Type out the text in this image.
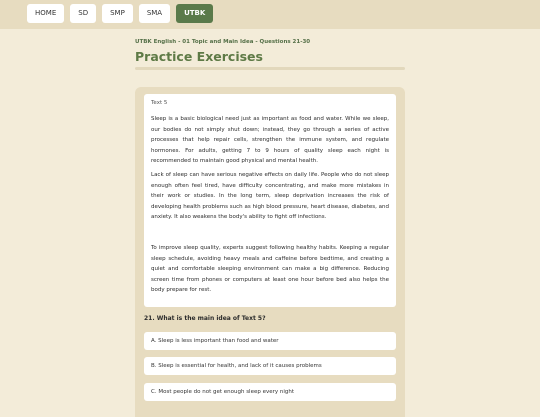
HOME	SD	SMP	SMA	UTBK
UTBK English - 01 Topic and Main Idea - Questions 21-30
Practice Exercises
Text 5

Sleep is a basic biological need just as important as food and water. While we sleep, our bodies do not simply shut down; instead, they go through a series of active processes that help repair cells, strengthen the immune system, and regulate hormones. For adults, getting 7 to 9 hours of quality sleep each night is recommended to maintain good physical and mental health.

Lack of sleep can have serious negative effects on daily life. People who do not sleep enough often feel tired, have difficulty concentrating, and make more mistakes in their work or studies. In the long term, sleep deprivation increases the risk of developing health problems such as high blood pressure, heart disease, diabetes, and anxiety. It also weakens the body's ability to fight off infections.

To improve sleep quality, experts suggest following healthy habits. Keeping a regular sleep schedule, avoiding heavy meals and caffeine before bedtime, and creating a quiet and comfortable sleeping environment can make a big difference. Reducing screen time from phones or computers at least one hour before bed also helps the body prepare for rest.

21. What is the main idea of Text 5?
A. Sleep is less important than food and water
B. Sleep is essential for health, and lack of it causes problems
C. Most people do not get enough sleep every night
